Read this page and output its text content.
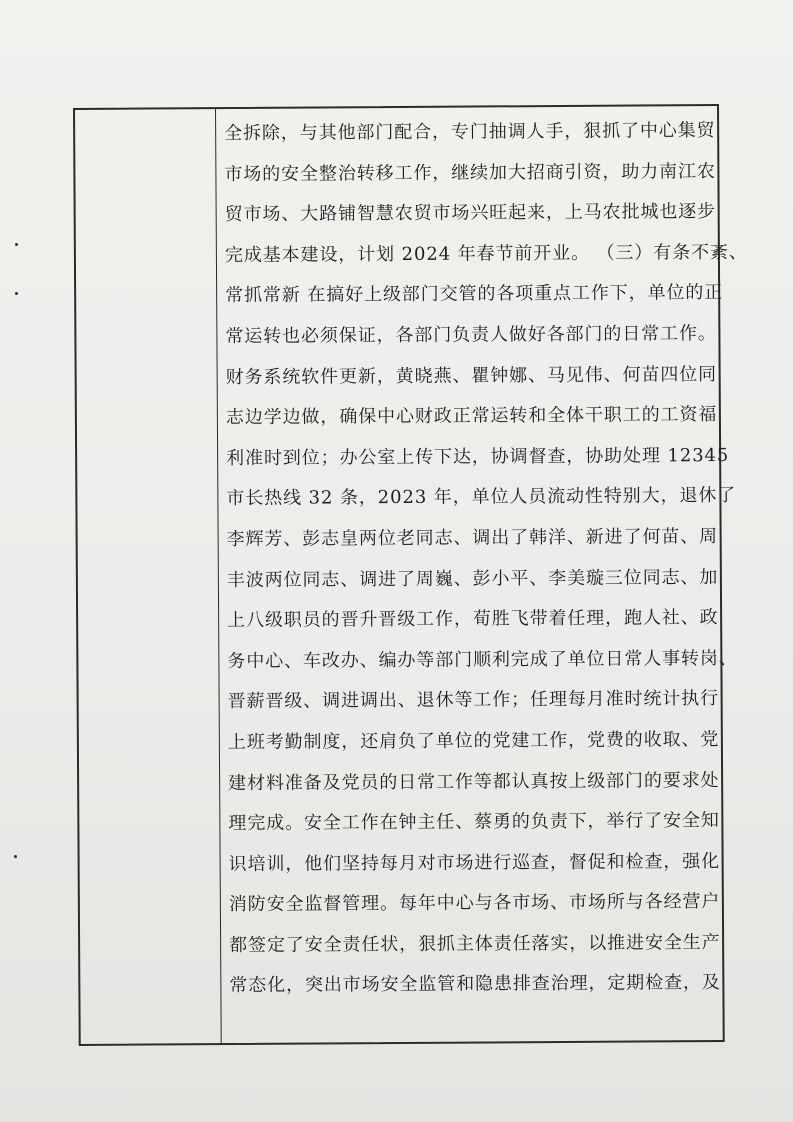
全拆除，与其他部门配合，专门抽调人手，狠抓了中心集贸
市场的安全整治转移工作，继续加大招商引资，助力南江农
贸市场、大路铺智慧农贸市场兴旺起来，上马农批城也逐步
完成基本建设，计划 2024 年春节前开业。 （三）有条不紊、
常抓常新 在搞好上级部门交管的各项重点工作下，单位的正
常运转也必须保证，各部门负责人做好各部门的日常工作。
财务系统软件更新，黄晓燕、瞿钟娜、马见伟、何苗四位同
志边学边做，确保中心财政正常运转和全体干职工的工资福
利准时到位；办公室上传下达，协调督查，协助处理 12345
市长热线 32 条，2023 年，单位人员流动性特别大，退休了
李辉芳、彭志皇两位老同志、调出了韩洋、新进了何苗、周
丰波两位同志、调进了周巍、彭小平、李美璇三位同志、加
上八级职员的晋升晋级工作，荀胜飞带着任理，跑人社、政
务中心、车改办、编办等部门顺利完成了单位日常人事转岗、
晋薪晋级、调进调出、退休等工作；任理每月准时统计执行
上班考勤制度，还肩负了单位的党建工作，党费的收取、党
建材料准备及党员的日常工作等都认真按上级部门的要求处
理完成。安全工作在钟主任、蔡勇的负责下，举行了安全知
识培训，他们坚持每月对市场进行巡查，督促和检查，强化
消防安全监督管理。每年中心与各市场、市场所与各经营户
都签定了安全责任状，狠抓主体责任落实，以推进安全生产
常态化，突出市场安全监管和隐患排查治理，定期检查，及
